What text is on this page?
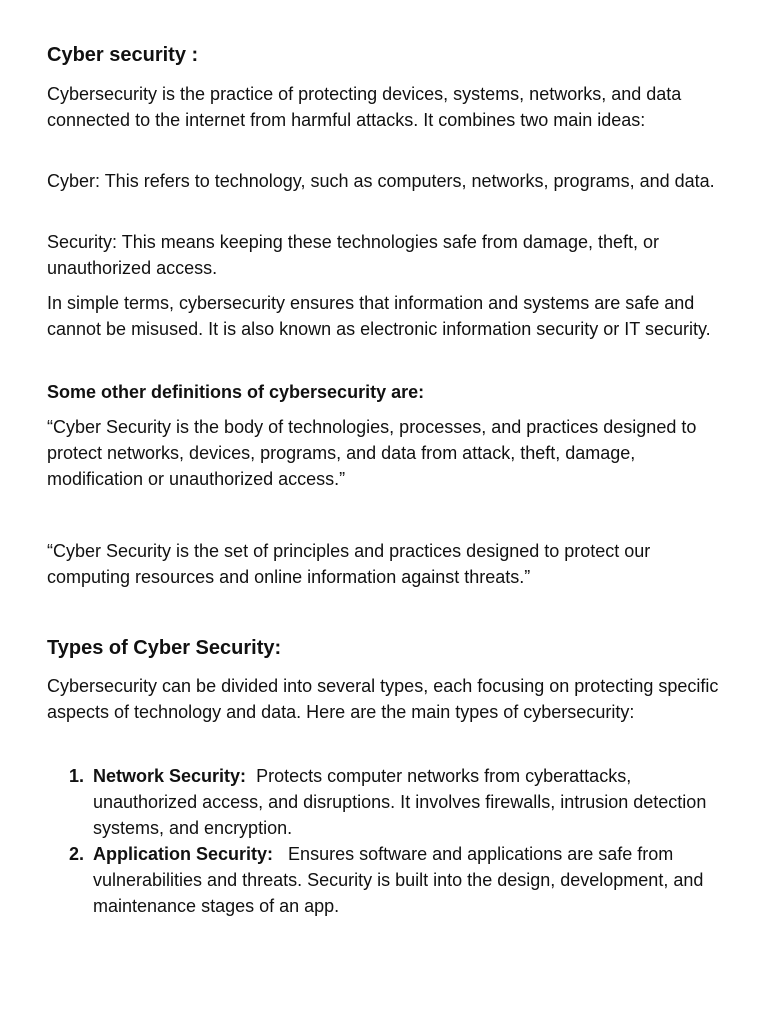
Cyber security :

Cybersecurity is the practice of protecting devices, systems, networks, and data connected to the internet from harmful attacks. It combines two main ideas:

Cyber: This refers to technology, such as computers, networks, programs, and data.

Security: This means keeping these technologies safe from damage, theft, or unauthorized access.

In simple terms, cybersecurity ensures that information and systems are safe and cannot be misused. It is also known as electronic information security or IT security.

Some other definitions of cybersecurity are:

“Cyber Security is the body of technologies, processes, and practices designed to protect networks, devices, programs, and data from attack, theft, damage, modification or unauthorized access.”

“Cyber Security is the set of principles and practices designed to protect our computing resources and online information against threats.”

Types of Cyber Security:

Cybersecurity can be divided into several types, each focusing on protecting specific aspects of technology and data. Here are the main types of cybersecurity:

1. Network Security: Protects computer networks from cyberattacks, unauthorized access, and disruptions. It involves firewalls, intrusion detection systems, and encryption.
2. Application Security: Ensures software and applications are safe from vulnerabilities and threats. Security is built into the design, development, and maintenance stages of an app.
